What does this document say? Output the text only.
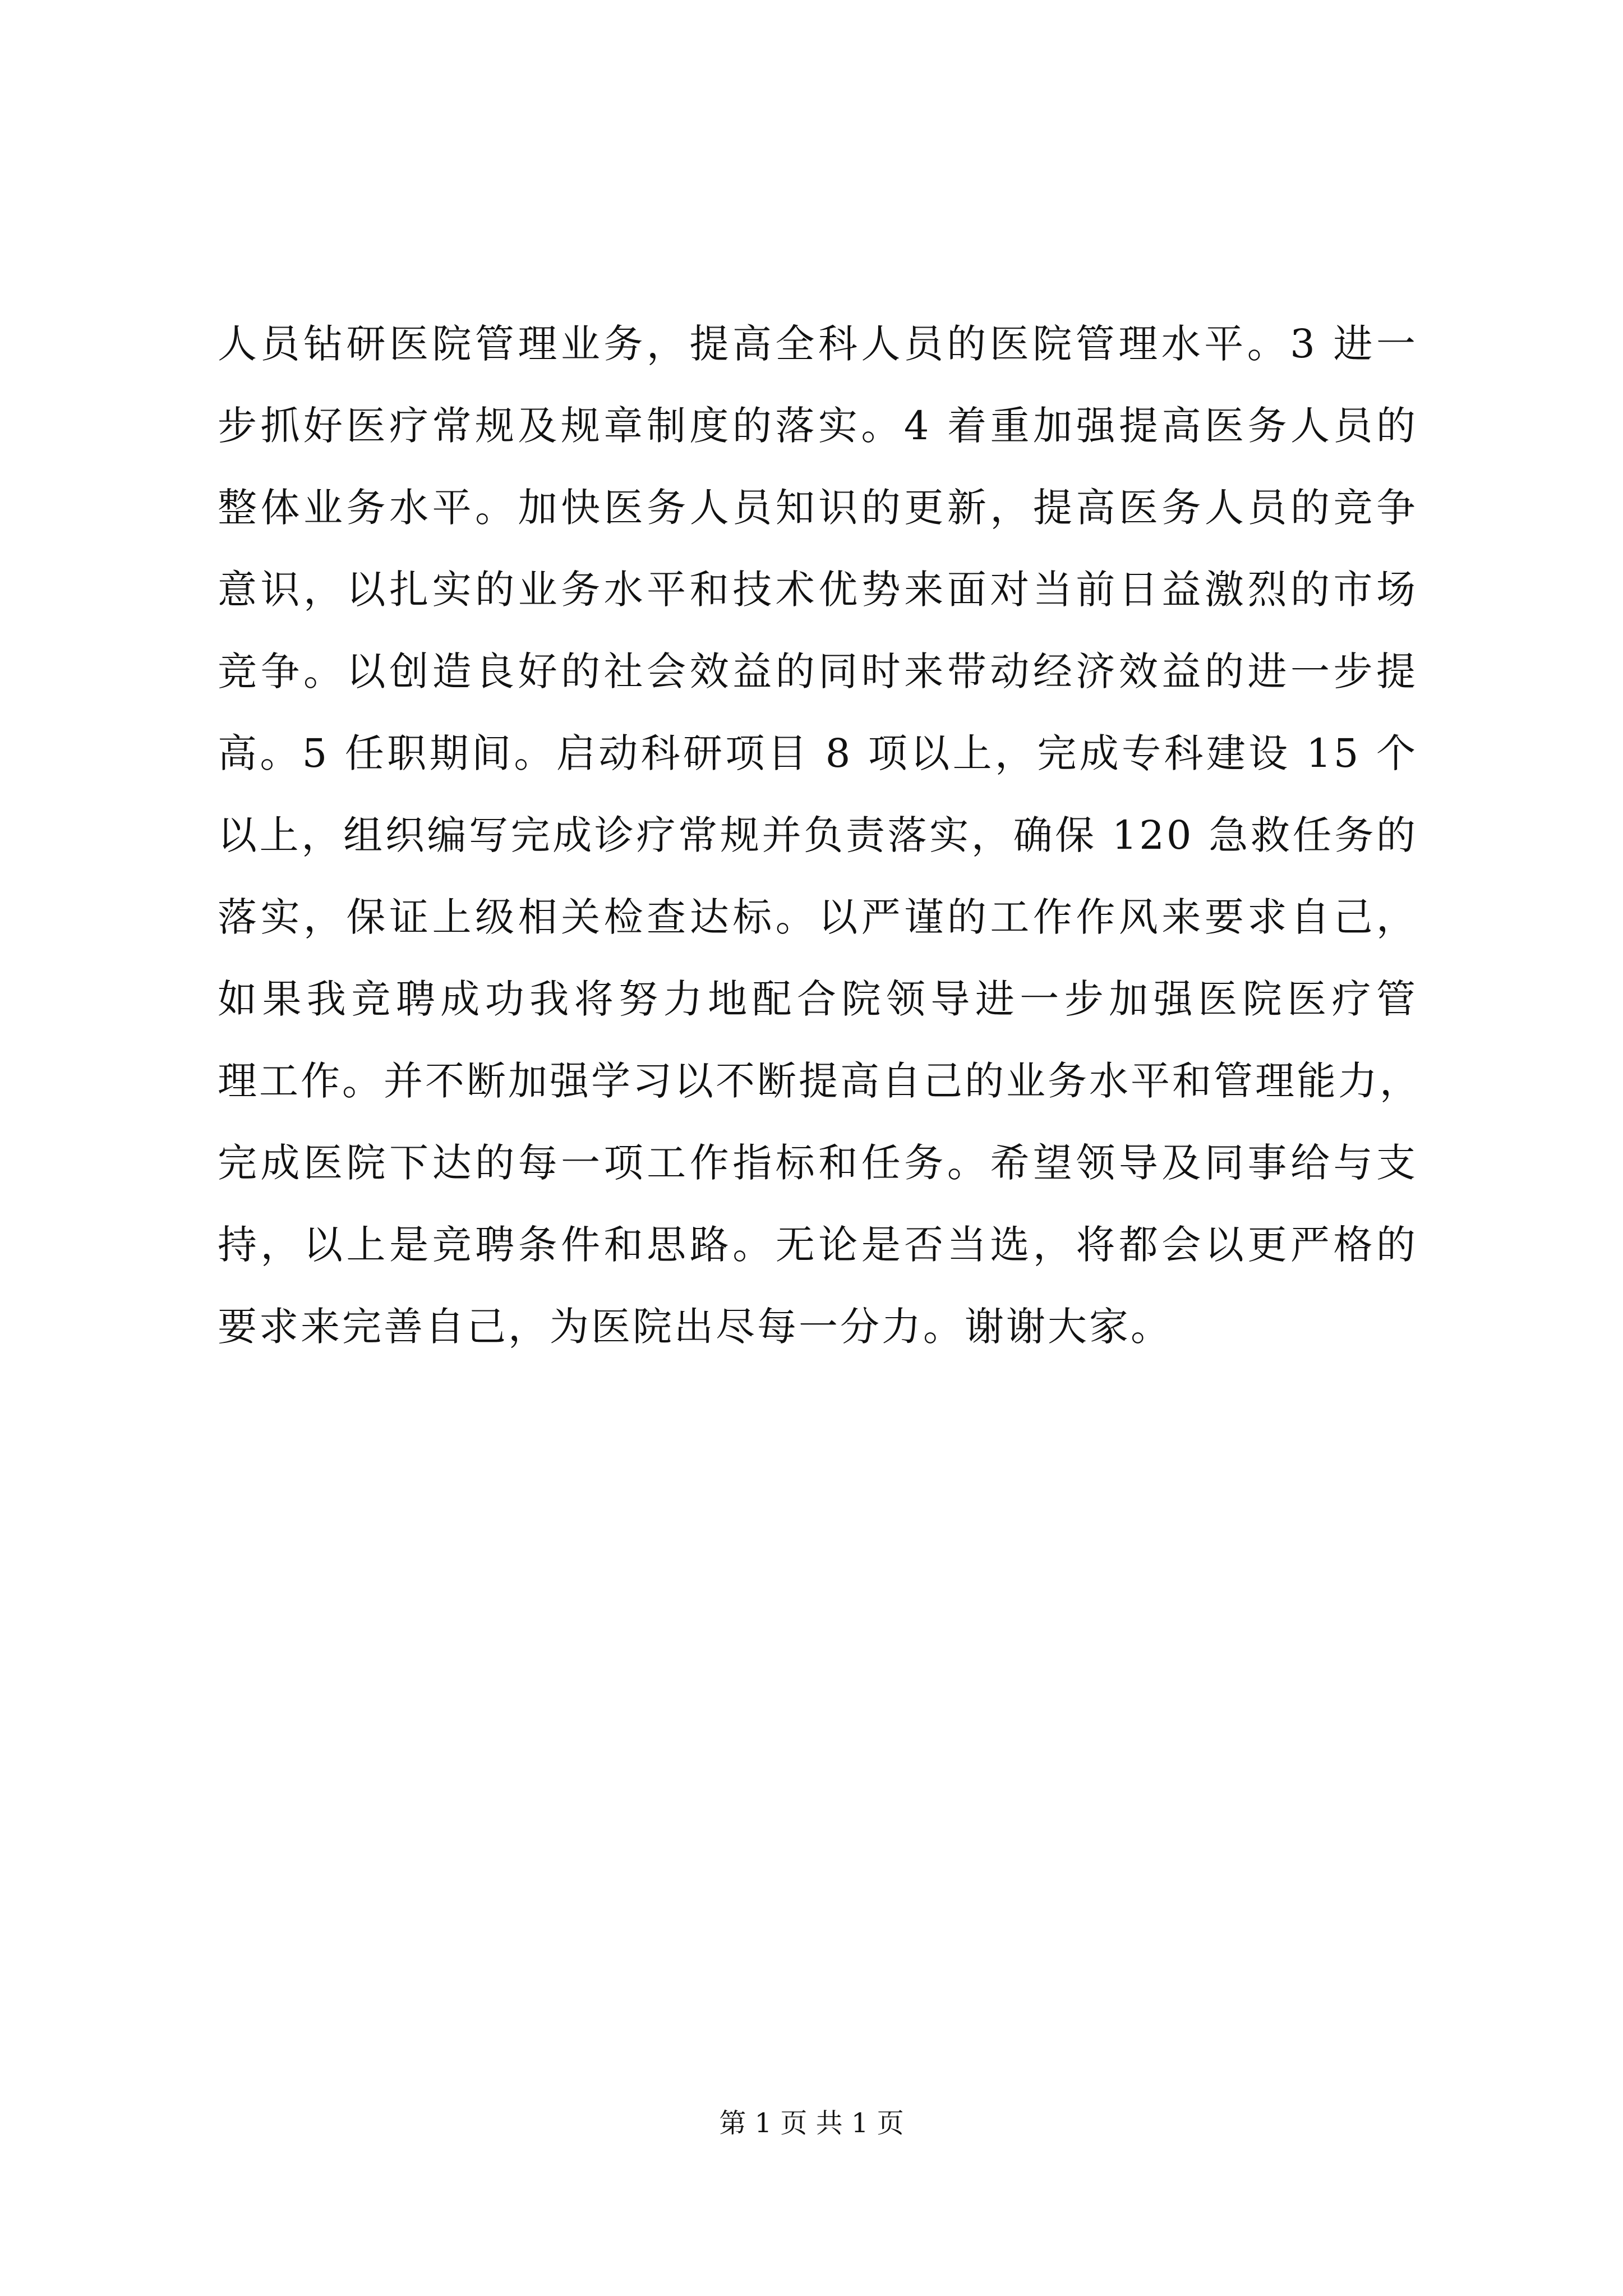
人员钻研医院管理业务，提高全科人员的医院管理水平。3 进一
步抓好医疗常规及规章制度的落实。4 着重加强提高医务人员的
整体业务水平。加快医务人员知识的更新，提高医务人员的竞争
意识，以扎实的业务水平和技术优势来面对当前日益激烈的市场
竞争。以创造良好的社会效益的同时来带动经济效益的进一步提
高。5 任职期间。启动科研项目 8 项以上，完成专科建设 15 个
以上，组织编写完成诊疗常规并负责落实，确保 120 急救任务的
落实，保证上级相关检查达标。以严谨的工作作风来要求自己，
如果我竞聘成功我将努力地配合院领导进一步加强医院医疗管
理工作。并不断加强学习以不断提高自己的业务水平和管理能力，
完成医院下达的每一项工作指标和任务。希望领导及同事给与支
持，以上是竞聘条件和思路。无论是否当选，将都会以更严格的
要求来完善自己，为医院出尽每一分力。谢谢大家。
第 1 页 共 1 页
